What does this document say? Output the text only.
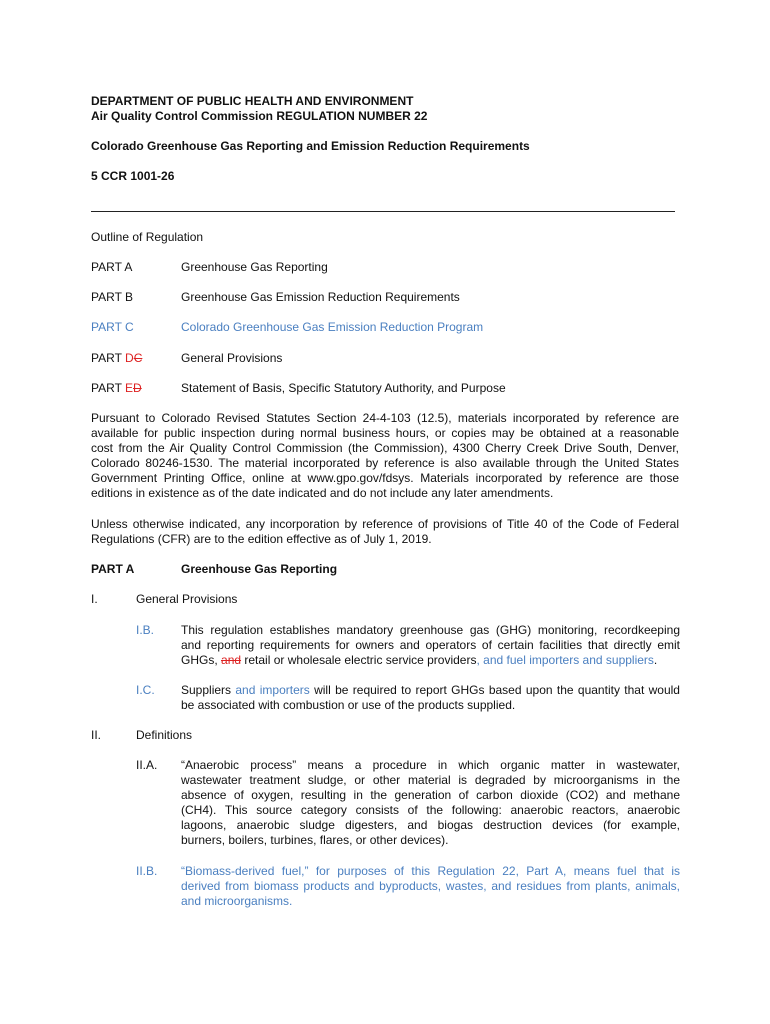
DEPARTMENT OF PUBLIC HEALTH AND ENVIRONMENT
Air Quality Control Commission REGULATION NUMBER 22
Colorado Greenhouse Gas Reporting and Emission Reduction Requirements
5 CCR 1001-26
Outline of Regulation
PART A	Greenhouse Gas Reporting
PART B	Greenhouse Gas Emission Reduction Requirements
PART C	Colorado Greenhouse Gas Emission Reduction Program
PART DC	General Provisions
PART ED	Statement of Basis, Specific Statutory Authority, and Purpose
Pursuant to Colorado Revised Statutes Section 24-4-103 (12.5), materials incorporated by reference are
available for public inspection during normal business hours, or copies may be obtained at a reasonable
cost from the Air Quality Control Commission (the Commission), 4300 Cherry Creek Drive South, Denver,
Colorado 80246-1530. The material incorporated by reference is also available through the United States
Government Printing Office, online at www.gpo.gov/fdsys. Materials incorporated by reference are those
editions in existence as of the date indicated and do not include any later amendments.
Unless otherwise indicated, any incorporation by reference of provisions of Title 40 of the Code of Federal
Regulations (CFR) are to the edition effective as of July 1, 2019.
PART A	Greenhouse Gas Reporting
I.	General Provisions
I.B. This regulation establishes mandatory greenhouse gas (GHG) monitoring, recordkeeping
and reporting requirements for owners and operators of certain facilities that directly emit
GHGs, and retail or wholesale electric service providers, and fuel importers and suppliers.
I.C. Suppliers and importers will be required to report GHGs based upon the quantity that would
be associated with combustion or use of the products supplied.
II.	Definitions
II.A. “Anaerobic process” means a procedure in which organic matter in wastewater,
wastewater treatment sludge, or other material is degraded by microorganisms in the
absence of oxygen, resulting in the generation of carbon dioxide (CO2) and methane
(CH4). This source category consists of the following: anaerobic reactors, anaerobic
lagoons, anaerobic sludge digesters, and biogas destruction devices (for example,
burners, boilers, turbines, flares, or other devices).
II.B. “Biomass-derived fuel,” for purposes of this Regulation 22, Part A, means fuel that is
derived from biomass products and byproducts, wastes, and residues from plants, animals,
and microorganisms.
